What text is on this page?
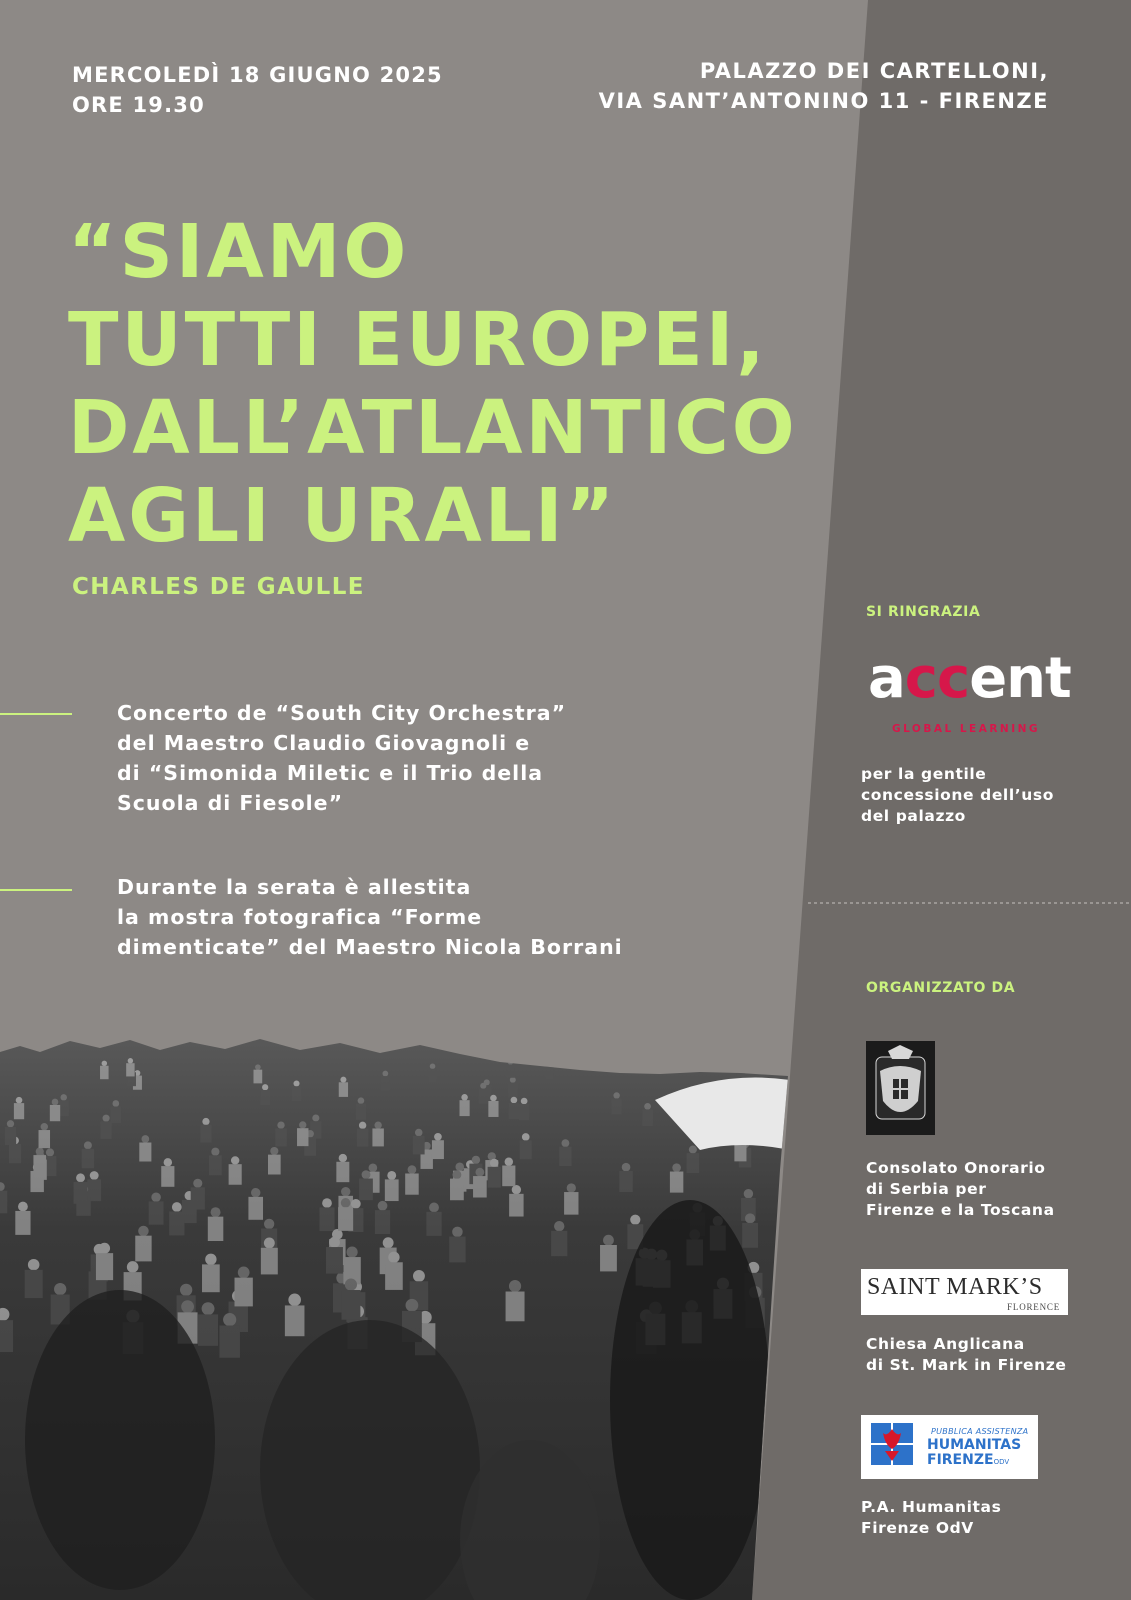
MERCOLEDÌ 18 GIUGNO 2025
ORE 19.30
PALAZZO DEI CARTELLONI,
VIA SANT’ANTONINO 11 - FIRENZE
“SIAMO
TUTTI EUROPEI,
DALL’ATLANTICO
AGLI URALI”
CHARLES DE GAULLE
Concerto de “South City Orchestra”
del Maestro Claudio Giovagnoli e
di “Simonida Miletic e il Trio della
Scuola di Fiesole”
Durante la serata è allestita
la mostra fotografica “Forme
dimenticate” del Maestro Nicola Borrani
SI RINGRAZIA
accent
GLOBAL LEARNING
per la gentile
concessione dell’uso
del palazzo
ORGANIZZATO DA
Consolato Onorario
di Serbia per
Firenze e la Toscana
SAINT MARK’S
FLORENCE
Chiesa Anglicana
di St. Mark in Firenze
PUBBLICA ASSISTENZA
HUMANITAS
FIRENZEODV
P.A. Humanitas
Firenze OdV
